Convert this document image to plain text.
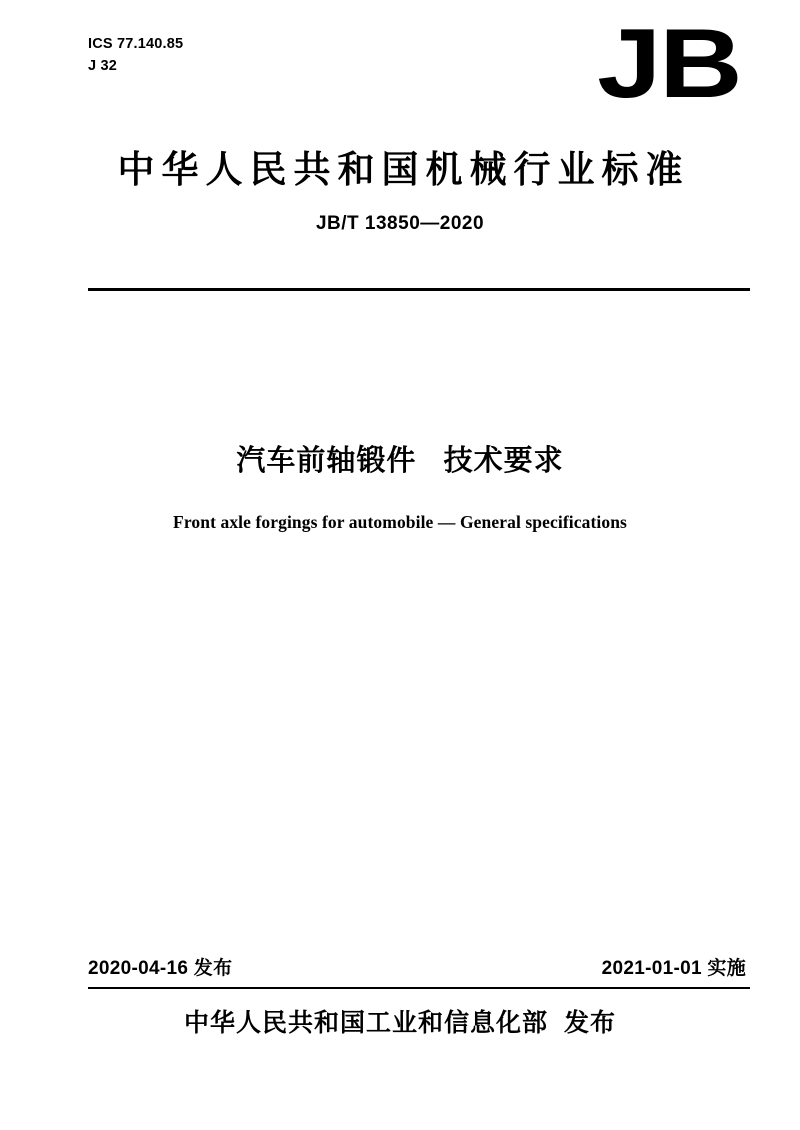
ICS 77.140.85
J 32	JB
中华人民共和国机械行业标准
JB/T 13850—2020
汽车前轴锻件   技术要求
Front axle forgings for automobile — General specifications
2020-04-16 发布	2021-01-01 实施
中华人民共和国工业和信息化部  发布
